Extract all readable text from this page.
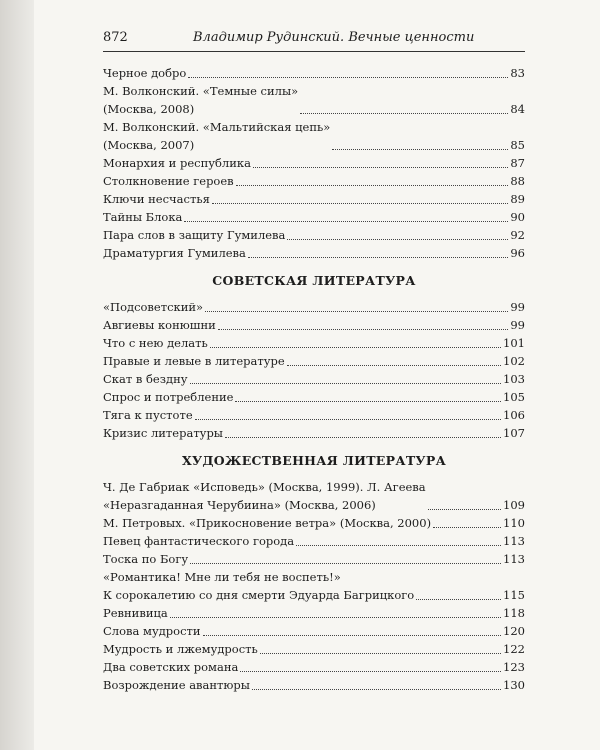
872	Владимир Рудинский. Вечные ценности
Черное добро	83
М. Волконский. «Темные силы»
(Москва, 2008)	84
М. Волконский. «Мальтийская цепь»
(Москва, 2007)	85
Монархия и республика	87
Столкновение героев	88
Ключи несчастья	89
Тайны Блока	90
Пара слов в защиту Гумилева	92
Драматургия Гумилева	96
СОВЕТСКАЯ ЛИТЕРАТУРА
«Подсоветский»	99
Авгиевы конюшни	99
Что с нею делать	101
Правые и левые в литературе	102
Скат в бездну	103
Спрос и потребление	105
Тяга к пустоте	106
Кризис литературы	107
ХУДОЖЕСТВЕННАЯ ЛИТЕРАТУРА
Ч. Де Габриак «Исповедь» (Москва, 1999). Л. Агеева
«Неразгаданная Черубиина» (Москва, 2006)	109
М. Петровых. «Прикосновение ветра» (Москва, 2000)	110
Певец фантастического города	113
Тоска по Богу	113
«Романтика! Мне ли тебя не воспеть!»
К сорокалетию со дня смерти Эдуарда Багрицкого	115
Ревнивица	118
Слова мудрости	120
Мудрость и лжемудрость	122
Два советских романа	123
Возрождение авантюры	130
